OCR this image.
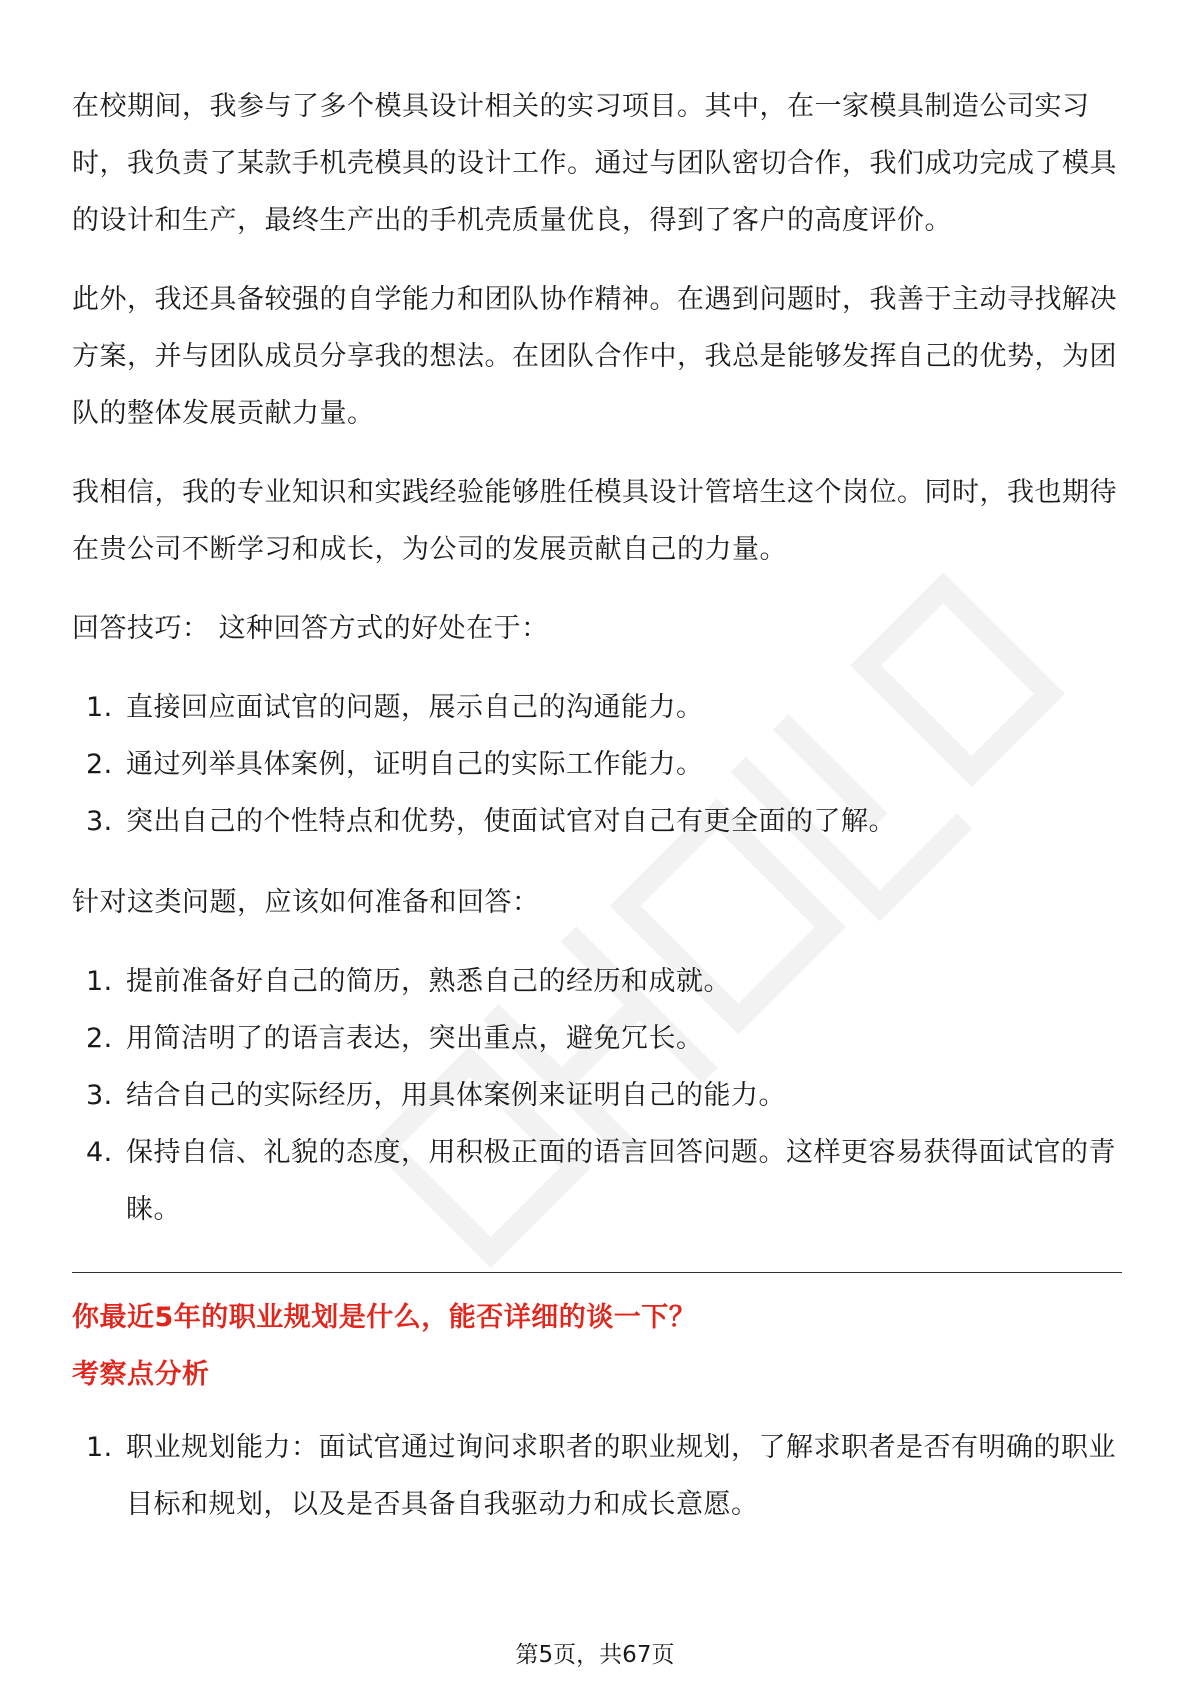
在校期间，我参与了多个模具设计相关的实习项目。其中，在一家模具制造公司实习时，我负责了某款手机壳模具的设计工作。通过与团队密切合作，我们成功完成了模具的设计和生产，最终生产出的手机壳质量优良，得到了客户的高度评价。

此外，我还具备较强的自学能力和团队协作精神。在遇到问题时，我善于主动寻找解决方案，并与团队成员分享我的想法。在团队合作中，我总是能够发挥自己的优势，为团队的整体发展贡献力量。

我相信，我的专业知识和实践经验能够胜任模具设计管培生这个岗位。同时，我也期待在贵公司不断学习和成长，为公司的发展贡献自己的力量。

回答技巧： 这种回答方式的好处在于：

1. 直接回应面试官的问题，展示自己的沟通能力。
2. 通过列举具体案例，证明自己的实际工作能力。
3. 突出自己的个性特点和优势，使面试官对自己有更全面的了解。

针对这类问题，应该如何准备和回答：

1. 提前准备好自己的简历，熟悉自己的经历和成就。
2. 用简洁明了的语言表达，突出重点，避免冗长。
3. 结合自己的实际经历，用具体案例来证明自己的能力。
4. 保持自信、礼貌的态度，用积极正面的语言回答问题。这样更容易获得面试官的青睐。
你最近5年的职业规划是什么，能否详细的谈一下？
考察点分析
1. 职业规划能力：面试官通过询问求职者的职业规划，了解求职者是否有明确的职业目标和规划，以及是否具备自我驱动力和成长意愿。
第5页，共67页
